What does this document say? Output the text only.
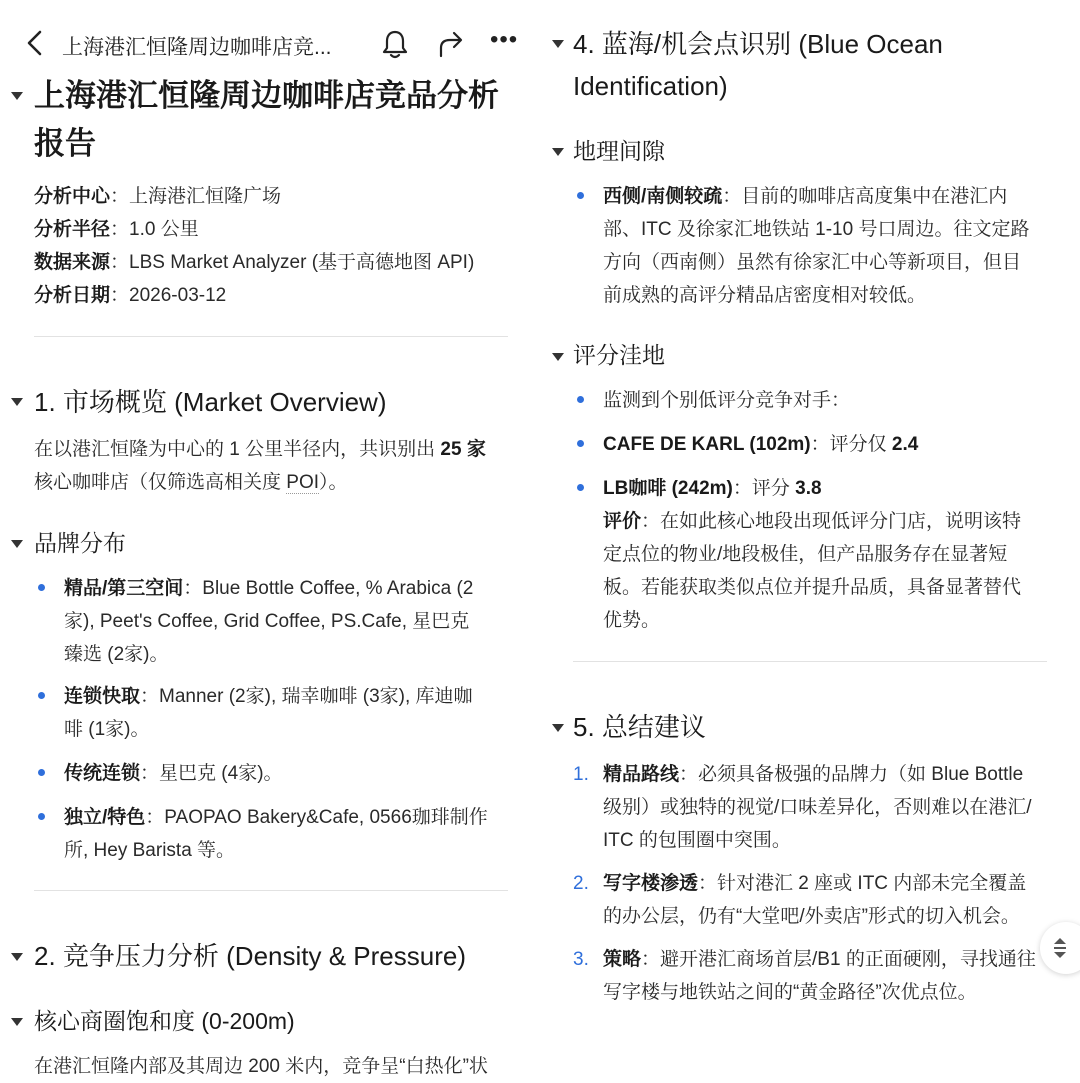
上海港汇恒隆周边咖啡店竞...	•••
上海港汇恒隆周边咖啡店竞品分析报告
分析中心：上海港汇恒隆广场
分析半径：1.0 公里
数据来源：LBS Market Analyzer (基于高德地图 API)
分析日期：2026-03-12
1. 市场概览 (Market Overview)
在以港汇恒隆为中心的 1 公里半径内，共识别出 25 家
核心咖啡店（仅筛选高相关度 POI）。
品牌分布
精品/第三空间：Blue Bottle Coffee, % Arabica (2
家), Peet's Coffee, Grid Coffee, PS.Cafe, 星巴克
臻选 (2家)。
连锁快取：Manner (2家), 瑞幸咖啡 (3家), 库迪咖
啡 (1家)。
传统连锁：星巴克 (4家)。
独立/特色：PAOPAO Bakery&Cafe, 0566珈琲制作
所, Hey Barista 等。
2. 竞争压力分析 (Density & Pressure)
核心商圈饱和度 (0-200m)
在港汇恒隆内部及其周边 200 米内，竞争呈“白热化”状
4. 蓝海/机会点识别 (Blue Ocean
Identification)
地理间隙
西侧/南侧较疏：目前的咖啡店高度集中在港汇内
部、ITC 及徐家汇地铁站 1-10 号口周边。往文定路
方向（西南侧）虽然有徐家汇中心等新项目，但目
前成熟的高评分精品店密度相对较低。
评分洼地
监测到个别低评分竞争对手：
CAFE DE KARL (102m)：评分仅 2.4
LB咖啡 (242m)：评分 3.8
评价：在如此核心地段出现低评分门店，说明该特
定点位的物业/地段极佳，但产品服务存在显著短
板。若能获取类似点位并提升品质，具备显著替代
优势。
5. 总结建议
1. 精品路线：必须具备极强的品牌力（如 Blue Bottle
级别）或独特的视觉/口味差异化，否则难以在港汇/
ITC 的包围圈中突围。
2. 写字楼渗透：针对港汇 2 座或 ITC 内部未完全覆盖
的办公层，仍有“大堂吧/外卖店”形式的切入机会。
3. 策略：避开港汇商场首层/B1 的正面硬刚，寻找通往
写字楼与地铁站之间的“黄金路径”次优点位。
